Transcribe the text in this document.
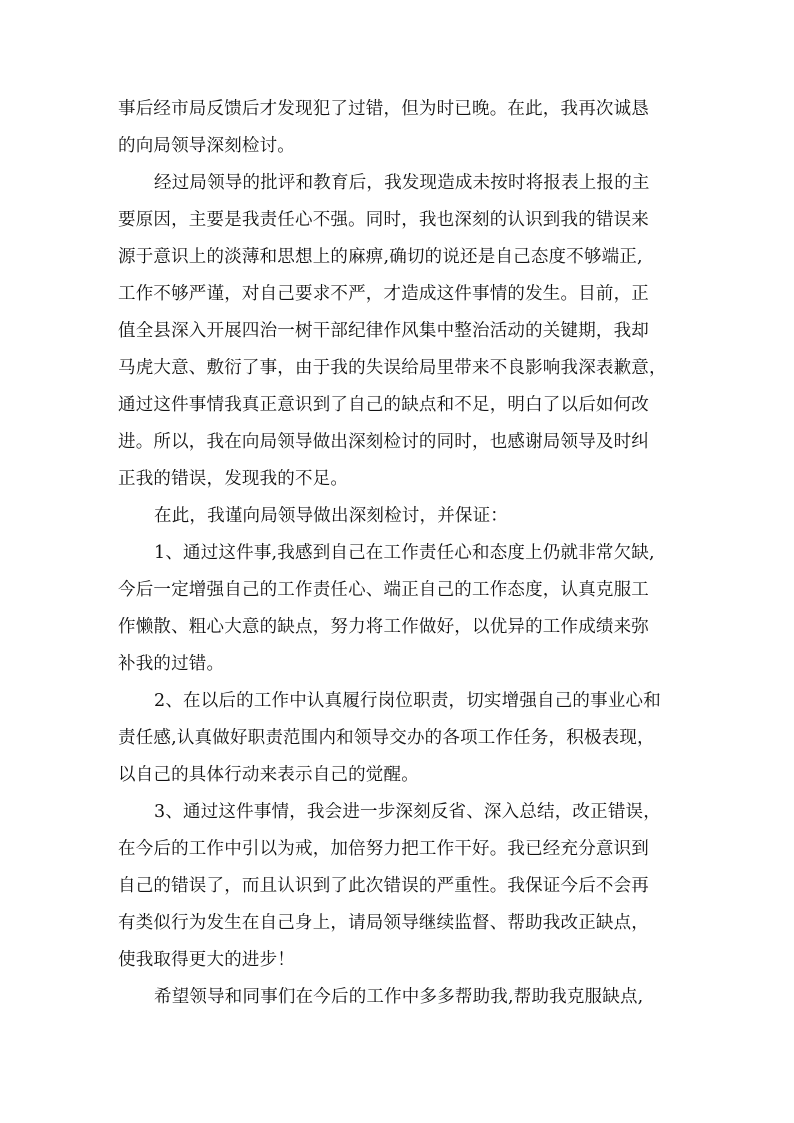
事后经市局反馈后才发现犯了过错，但为时已晚。在此，我再次诚恳
的向局领导深刻检讨。
经过局领导的批评和教育后，我发现造成未按时将报表上报的主
要原因，主要是我责任心不强。同时，我也深刻的认识到我的错误来
源于意识上的淡薄和思想上的麻痹,确切的说还是自己态度不够端正,
工作不够严谨，对自己要求不严，才造成这件事情的发生。目前，正
值全县深入开展四治一树干部纪律作风集中整治活动的关键期，我却
马虎大意、敷衍了事，由于我的失误给局里带来不良影响我深表歉意，
通过这件事情我真正意识到了自己的缺点和不足，明白了以后如何改
进。所以，我在向局领导做出深刻检讨的同时，也感谢局领导及时纠
正我的错误，发现我的不足。
在此，我谨向局领导做出深刻检讨，并保证：
1、通过这件事,我感到自己在工作责任心和态度上仍就非常欠缺,
今后一定增强自己的工作责任心、端正自己的工作态度，认真克服工
作懒散、粗心大意的缺点，努力将工作做好，以优异的工作成绩来弥
补我的过错。
2、在以后的工作中认真履行岗位职责，切实增强自己的事业心和
责任感,认真做好职责范围内和领导交办的各项工作任务，积极表现，
以自己的具体行动来表示自己的觉醒。
3、通过这件事情，我会进一步深刻反省、深入总结，改正错误，
在今后的工作中引以为戒，加倍努力把工作干好。我已经充分意识到
自己的错误了，而且认识到了此次错误的严重性。我保证今后不会再
有类似行为发生在自己身上，请局领导继续监督、帮助我改正缺点，
使我取得更大的进步！
希望领导和同事们在今后的工作中多多帮助我,帮助我克服缺点,
